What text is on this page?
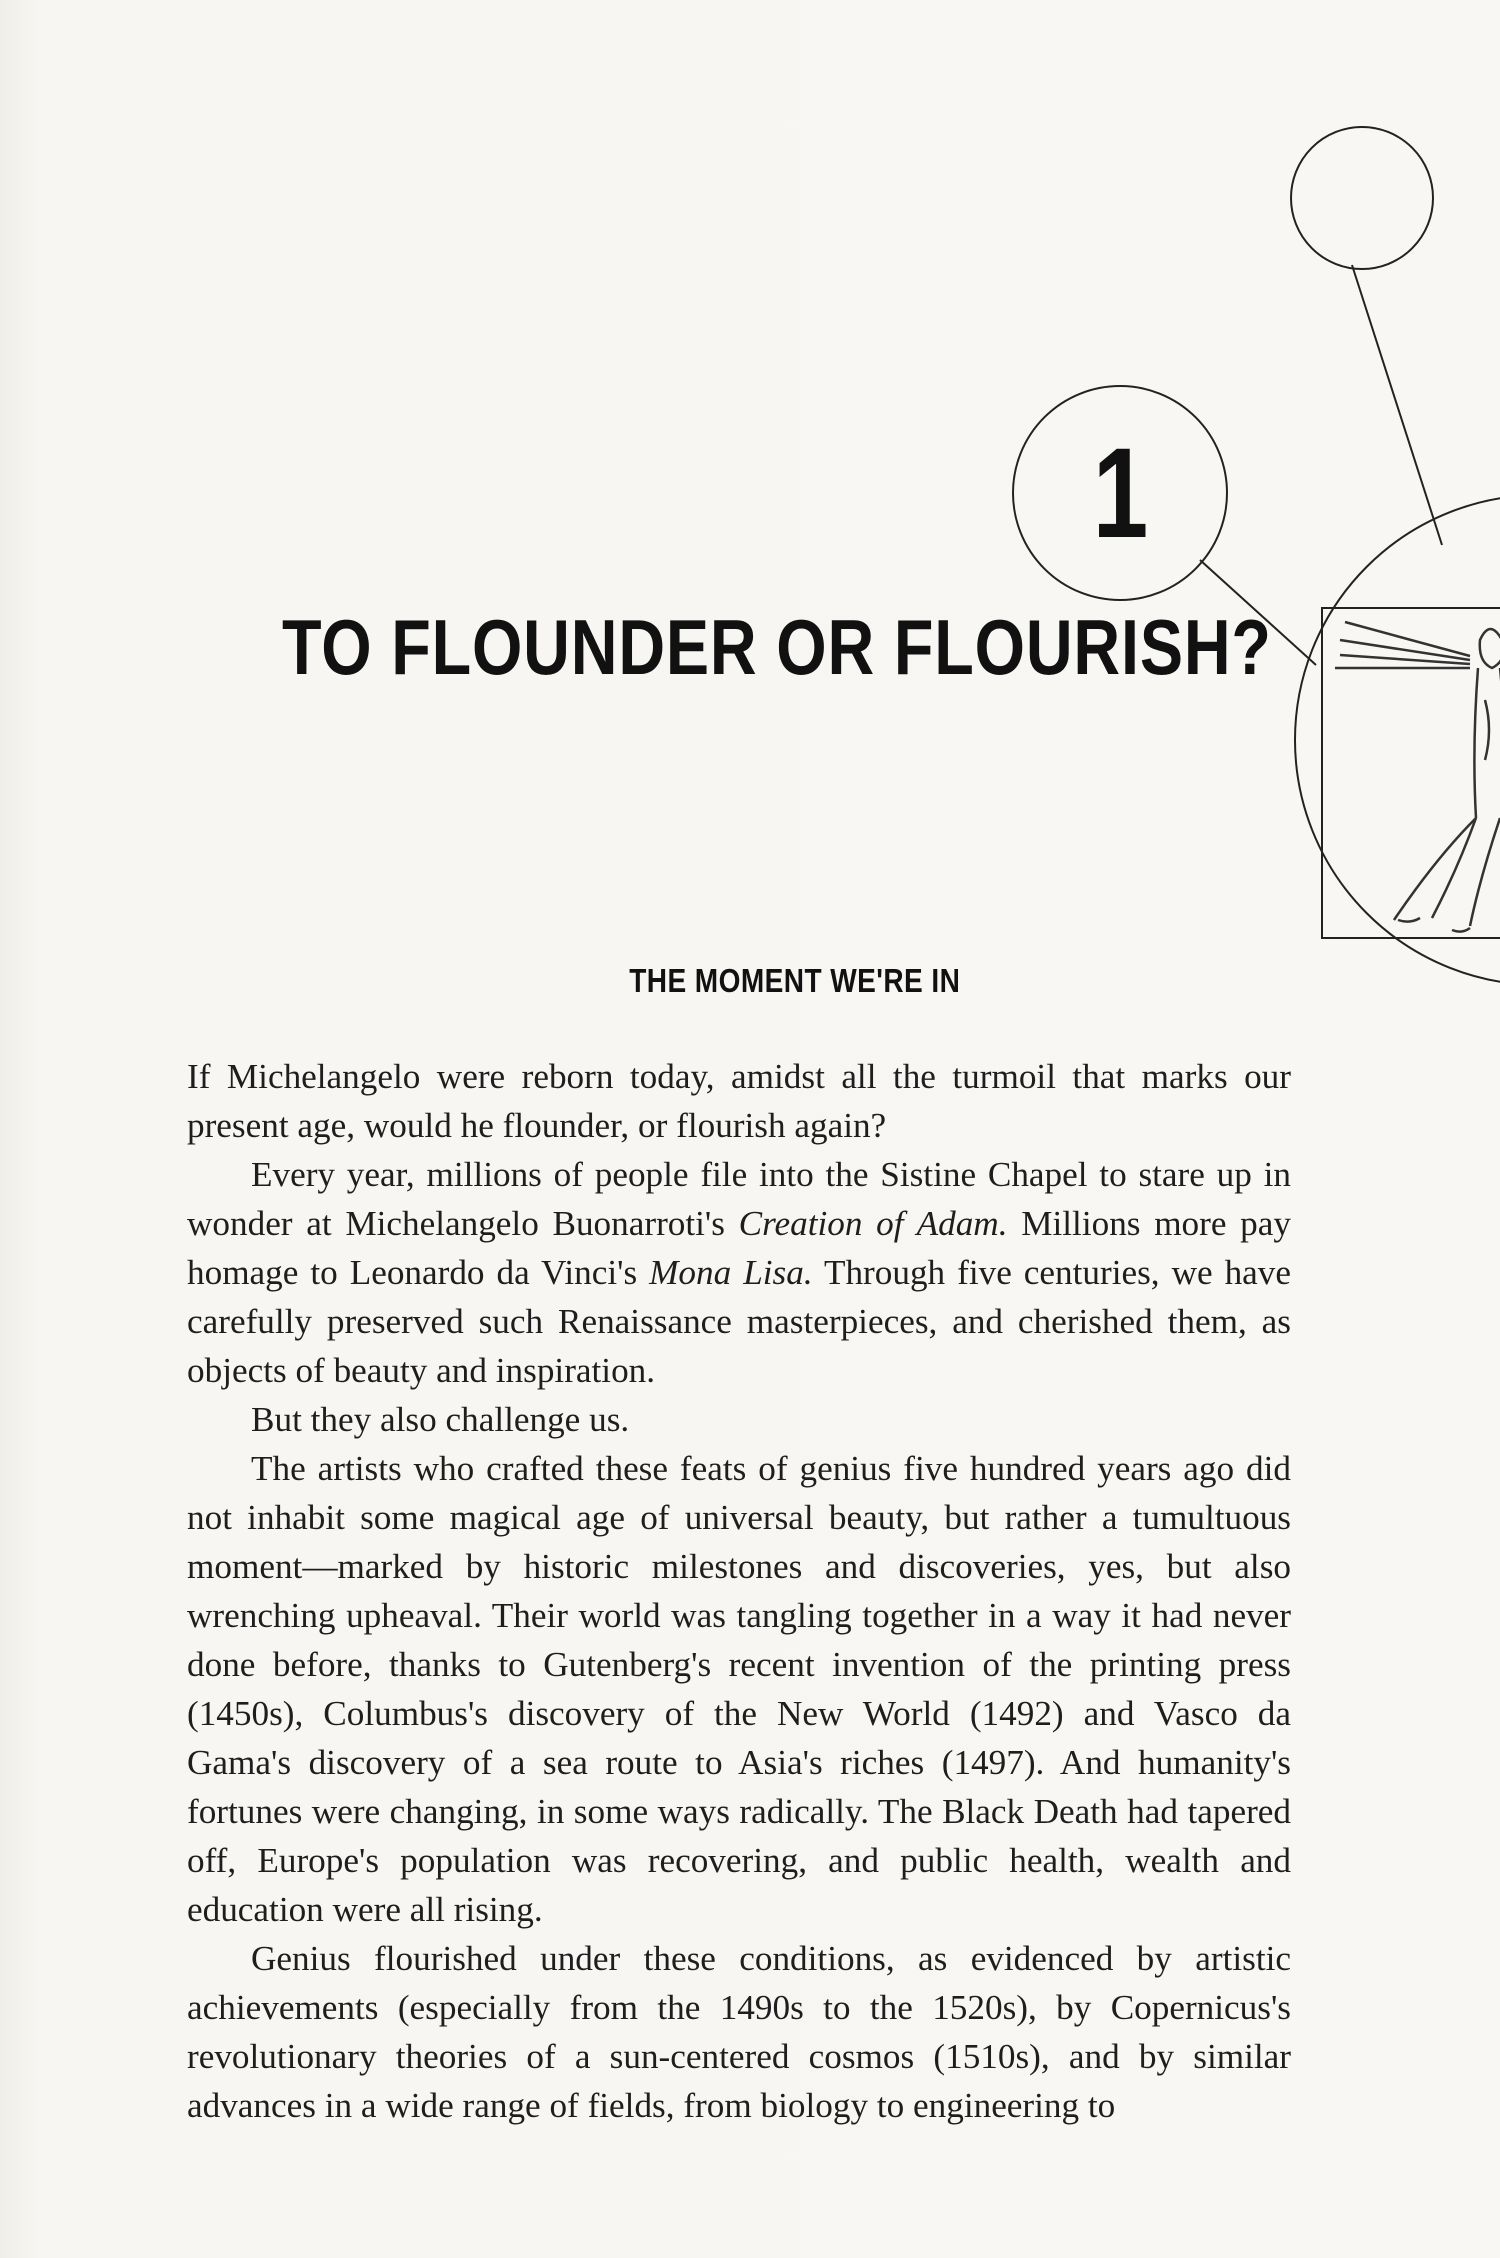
1
TO FLOUNDER OR FLOURISH?
THE MOMENT WE'RE IN

If Michelangelo were reborn today, amidst all the turmoil that marks our present age, would he flounder, or flourish again?

Every year, millions of people file into the Sistine Chapel to stare up in wonder at Michelangelo Buonarroti's Creation of Adam. Millions more pay homage to Leonardo da Vinci's Mona Lisa. Through five centuries, we have carefully preserved such Renaissance masterpieces, and cherished them, as objects of beauty and inspiration.

But they also challenge us.

The artists who crafted these feats of genius five hundred years ago did not inhabit some magical age of universal beauty, but rather a tumultuous moment—marked by historic milestones and discoveries, yes, but also wrenching upheaval. Their world was tangling together in a way it had never done before, thanks to Gutenberg's recent invention of the printing press (1450s), Columbus's discovery of the New World (1492) and Vasco da Gama's discovery of a sea route to Asia's riches (1497). And humanity's fortunes were changing, in some ways radically. The Black Death had tapered off, Europe's population was recovering, and public health, wealth and education were all rising.

Genius flourished under these conditions, as evidenced by artistic achievements (especially from the 1490s to the 1520s), by Copernicus's revolutionary theories of a sun-centered cosmos (1510s), and by similar advances in a wide range of fields, from biology to engineering to
